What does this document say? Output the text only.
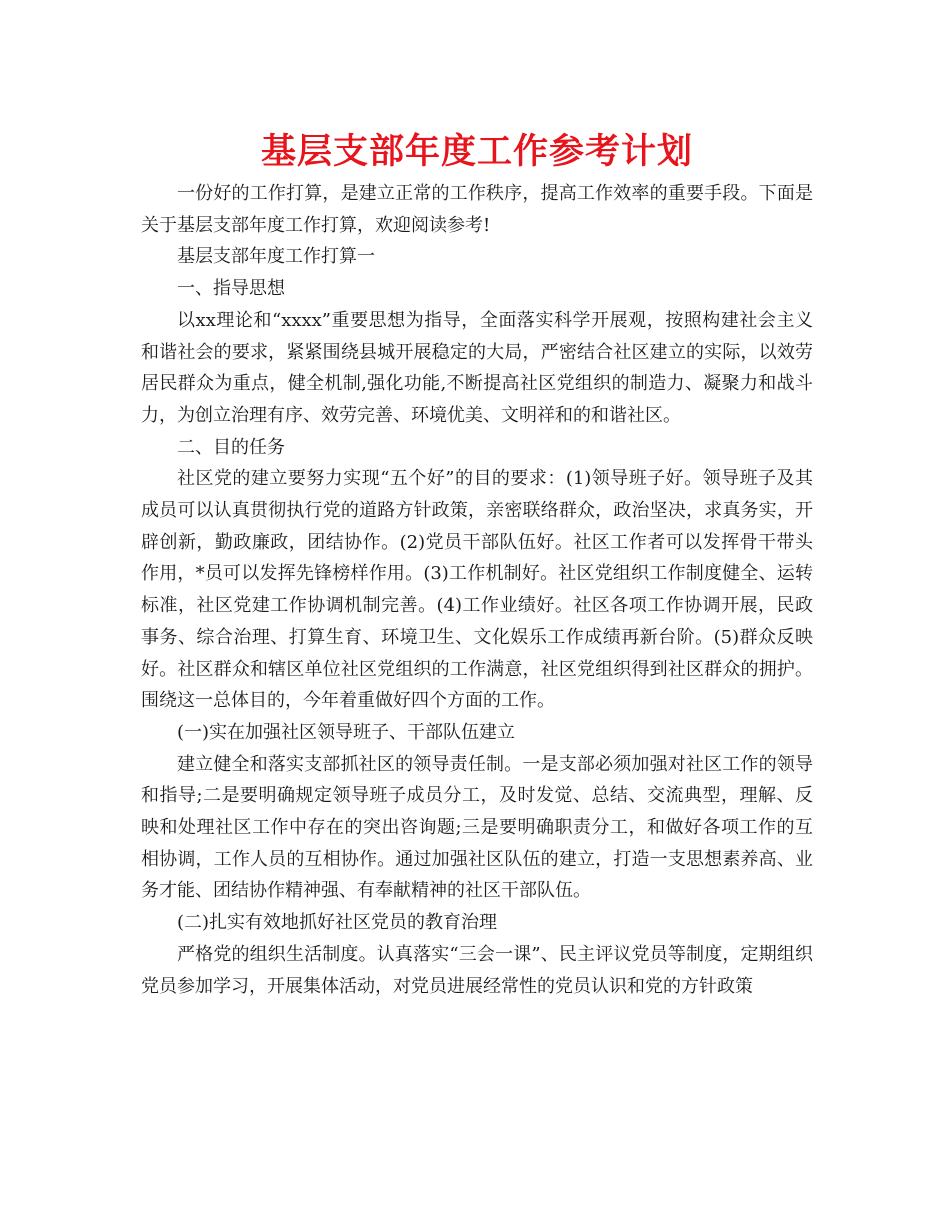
基层支部年度工作参考计划

一份好的工作打算，是建立正常的工作秩序，提高工作效率的重要手段。下面是关于基层支部年度工作打算，欢迎阅读参考!

基层支部年度工作打算一

一、指导思想

以xx理论和“xxxx”重要思想为指导，全面落实科学开展观，按照构建社会主义和谐社会的要求，紧紧围绕县城开展稳定的大局，严密结合社区建立的实际，以效劳居民群众为重点，健全机制,强化功能,不断提高社区党组织的制造力、凝聚力和战斗力，为创立治理有序、效劳完善、环境优美、文明祥和的和谐社区。

二、目的任务

社区党的建立要努力实现“五个好”的目的要求：(1)领导班子好。领导班子及其成员可以认真贯彻执行党的道路方针政策，亲密联络群众，政治坚决，求真务实，开辟创新，勤政廉政，团结协作。(2)党员干部队伍好。社区工作者可以发挥骨干带头作用，*员可以发挥先锋榜样作用。(3)工作机制好。社区党组织工作制度健全、运转标准，社区党建工作协调机制完善。(4)工作业绩好。社区各项工作协调开展，民政事务、综合治理、打算生育、环境卫生、文化娱乐工作成绩再新台阶。(5)群众反映好。社区群众和辖区单位社区党组织的工作满意，社区党组织得到社区群众的拥护。围绕这一总体目的，今年着重做好四个方面的工作。

(一)实在加强社区领导班子、干部队伍建立

建立健全和落实支部抓社区的领导责任制。一是支部必须加强对社区工作的领导和指导;二是要明确规定领导班子成员分工，及时发觉、总结、交流典型，理解、反映和处理社区工作中存在的突出咨询题;三是要明确职责分工，和做好各项工作的互相协调，工作人员的互相协作。通过加强社区队伍的建立，打造一支思想素养高、业务才能、团结协作精神强、有奉献精神的社区干部队伍。

(二)扎实有效地抓好社区党员的教育治理

严格党的组织生活制度。认真落实“三会一课”、民主评议党员等制度，定期组织党员参加学习，开展集体活动，对党员进展经常性的党员认识和党的方针政策
